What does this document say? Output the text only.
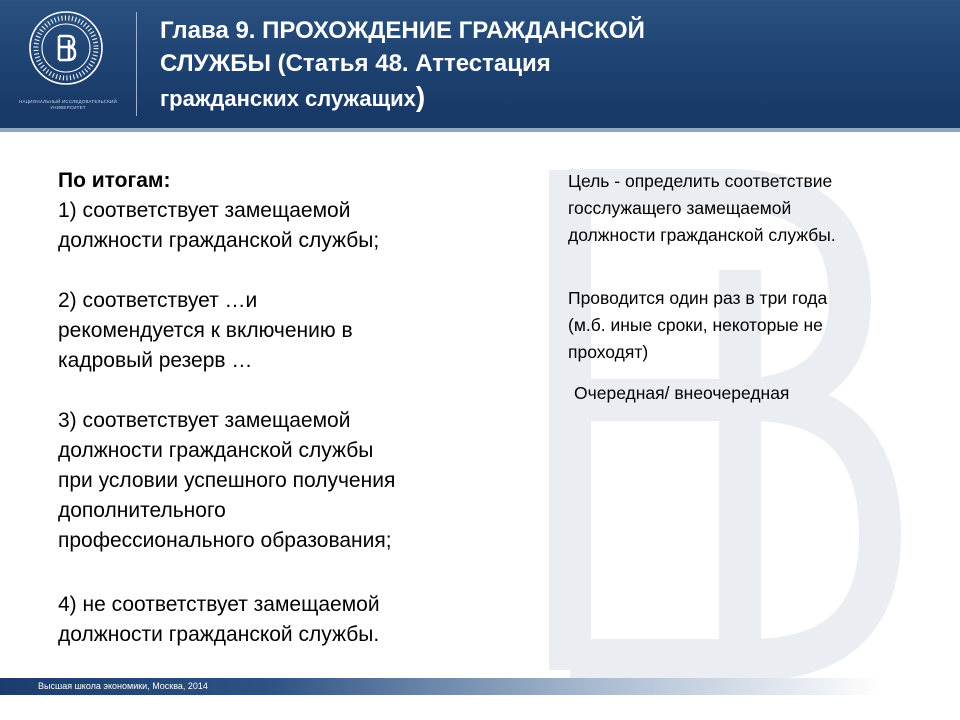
НАЦИОНАЛЬНЫЙ ИССЛЕДОВАТЕЛЬСКИЙ
УНИВЕРСИТЕТ
Глава 9. ПРОХОЖДЕНИЕ ГРАЖДАНСКОЙ
СЛУЖБЫ (Статья 48. Аттестация
гражданских служащих)

По итогам:

1) соответствует замещаемой
должности гражданской службы;

2) соответствует …и
рекомендуется к включению в
кадровый резерв …

3) соответствует замещаемой
должности гражданской службы
при условии успешного получения
дополнительного
профессионального образования;

4) не соответствует замещаемой
должности гражданской службы.

Цель - определить соответствие
госслужащего замещаемой
должности гражданской службы.

Проводится один раз в три года
(м.б. иные сроки, некоторые не
проходят)

Очередная/ внеочередная

Высшая школа экономики, Москва, 2014
